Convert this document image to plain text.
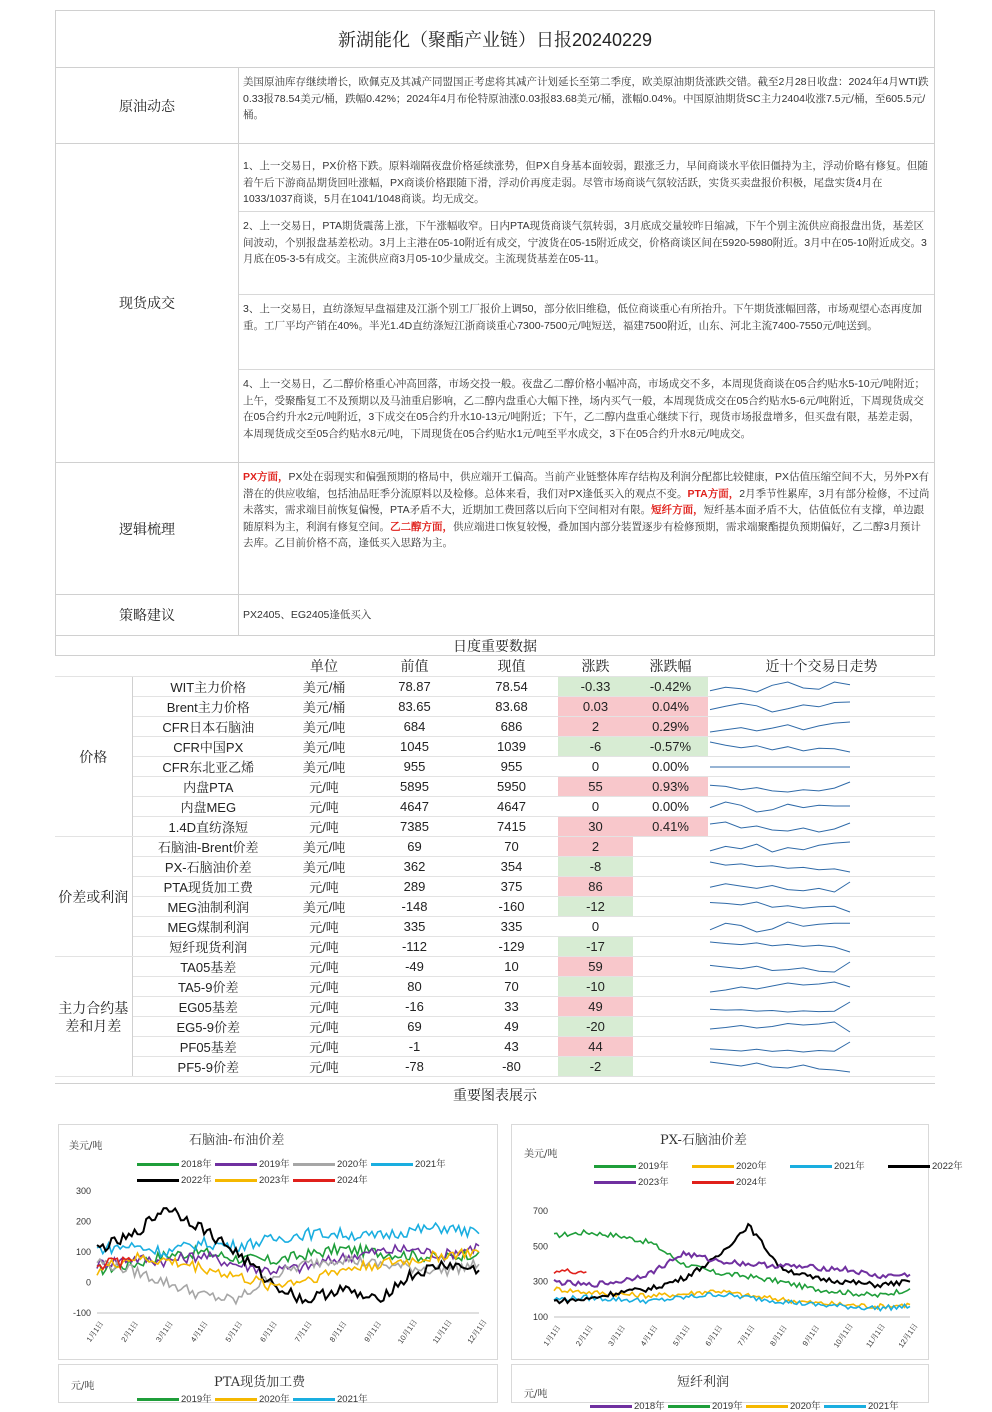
新湖能化（聚酯产业链）日报20240229
原油动态
美国原油库存继续增长，欧佩克及其减产同盟国正考虑将其减产计划延长至第二季度，欧美原油期货涨跌交错。截至2月28日收盘：2024年4月WTI跌0.33报78.54美元/桶，跌幅0.42%；2024年4月布伦特原油涨0.03报83.68美元/桶，涨幅0.04%。中国原油期货SC主力2404收涨7.5元/桶，至605.5元/桶。
现货成交
1、上一交易日，PX价格下跌。原料端隔夜盘价格延续涨势，但PX自身基本面较弱，跟涨乏力，早间商谈水平依旧僵持为主，浮动价略有修复。但随着午后下游商品期货回吐涨幅，PX商谈价格跟随下滑，浮动价再度走弱。尽管市场商谈气氛较活跃，实货买卖盘报价积极，尾盘实货4月在1033/1037商谈，5月在1041/1048商谈。均无成交。
2、上一交易日，PTA期货震荡上涨，下午涨幅收窄。日内PTA现货商谈气氛转弱，3月底成交量较昨日缩减，下午个别主流供应商报盘出货，基差区间波动，个别报盘基差松动。3月上主港在05-10附近有成交，宁波货在05-15附近成交，价格商谈区间在5920-5980附近。3月中在05-10附近成交。3月底在05-3-5有成交。主流供应商3月05-10少量成交。主流现货基差在05-11。
3、上一交易日，直纺涤短早盘福建及江浙个别工厂报价上调50，部分依旧维稳，低位商谈重心有所抬升。下午期货涨幅回落，市场观望心态再度加重。工厂平均产销在40%。半光1.4D直纺涤短江浙商谈重心7300-7500元/吨短送，福建7500附近，山东、河北主流7400-7550元/吨送到。
4、上一交易日，乙二醇价格重心冲高回落，市场交投一般。夜盘乙二醇价格小幅冲高，市场成交不多，本周现货商谈在05合约贴水5-10元/吨附近；上午，受聚酯复工不及预期以及马油重启影响，乙二醇内盘重心大幅下挫，场内买气一般，本周现货成交在05合约贴水5-6元/吨附近，下周现货成交在05合约升水2元/吨附近，3下成交在05合约升水10-13元/吨附近；下午，乙二醇内盘重心继续下行，现货市场报盘增多，但买盘有限，基差走弱，本周现货成交至05合约贴水8元/吨，下周现货在05合约贴水1元/吨至平水成交，3下在05合约升水8元/吨成交。
逻辑梳理
PX方面，PX处在弱现实和偏强预期的格局中，供应端开工偏高。当前产业链整体库存结构及利润分配都比较健康，PX估值压缩空间不大，另外PX有潜在的供应收缩，包括油品旺季分流原料以及检修。总体来看，我们对PX逢低买入的观点不变。PTA方面，2月季节性累库，3月有部分检修，不过尚未落实，需求端目前恢复偏慢，PTA矛盾不大，近期加工费回落以后向下空间相对有限。短纤方面，短纤基本面矛盾不大，估值低位有支撑，单边跟随原料为主，利润有修复空间。乙二醇方面，供应端进口恢复较慢，叠加国内部分装置逐步有检修预期，需求端聚酯提负预期偏好，乙二醇3月预计去库。乙目前价格不高，逢低买入思路为主。
策略建议	PX2405、EG2405逢低买入
日度重要数据
		单位	前值	现值	涨跌	涨跌幅	近十个交易日走势
价格	WIT主力价格	美元/桶	78.87	78.54	-0.33	-0.42%	

	Brent主力价格	美元/桶	83.65	83.68	0.03	0.04%	

	CFR日本石脑油	美元/吨	684	686	2	0.29%	

	CFR中国PX	美元/吨	1045	1039	-6	-0.57%	

	CFR东北亚乙烯	美元/吨	955	955	0	0.00%	

	内盘PTA	元/吨	5895	5950	55	0.93%	

	内盘MEG	元/吨	4647	4647	0	0.00%	

	1.4D直纺涤短	元/吨	7385	7415	30	0.41%	

价差或利润	石脑油-Brent价差	美元/吨	69	70	2		

	PX-石脑油价差	美元/吨	362	354	-8		

	PTA现货加工费	元/吨	289	375	86		

	MEG油制利润	美元/吨	-148	-160	-12		

	MEG煤制利润	元/吨	335	335	0		

	短纤现货利润	元/吨	-112	-129	-17		

主力合约基差和月差	TA05基差	元/吨	-49	10	59		

	TA5-9价差	元/吨	80	70	-10		

	EG05基差	元/吨	-16	33	49		

	EG5-9价差	元/吨	69	49	-20		

	PF05基差	元/吨	-1	43	44		

	PF5-9价差	元/吨	-78	-80	-2		
重要图表展示
美元/吨	石脑油-布油价差
2018年	2019年	2020年	2021年
2022年	2023年	2024年
300
200
100
0
-100
1月1日 2月1日 3月1日 4月1日 5月1日 6月1日 7月1日 8月1日 9月1日 10月1日 11月1日 12月1日
美元/吨
PX-石脑油价差
2019年	2020年	2021年	2022年
2023年	2024年
700
500
300
100
1月1日 2月1日 3月1日 4月1日 5月1日 6月1日 7月1日 8月1日 9月1日 10月1日 11月1日 12月1日
元/吨	PTA现货加工费
2019年	2020年	2021年	元/吨
短纤利润
2018年	2019年	2020年	2021年
